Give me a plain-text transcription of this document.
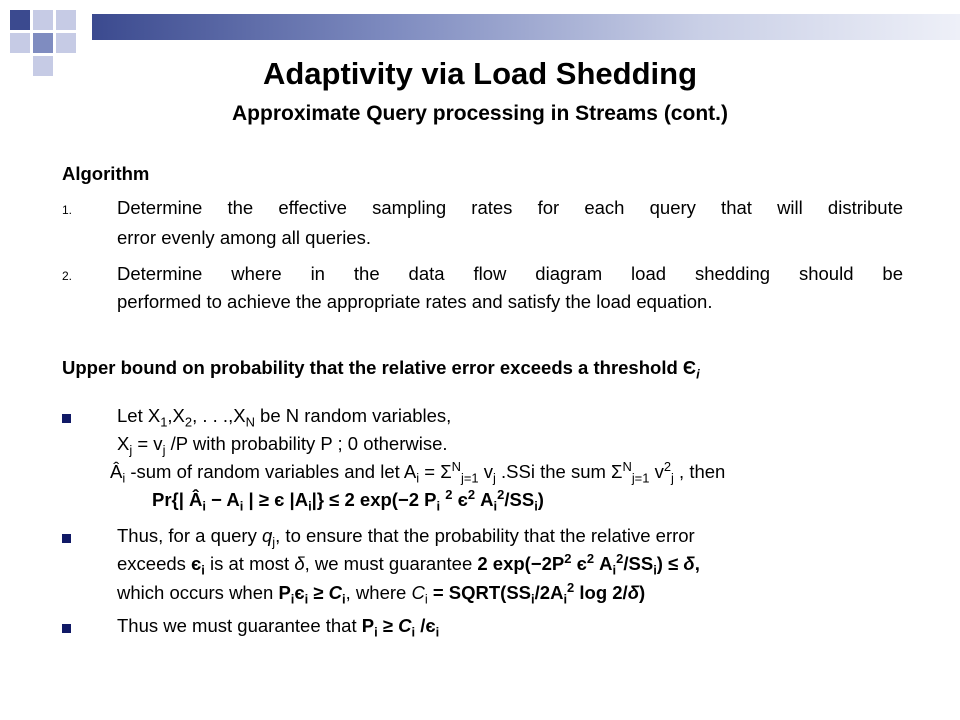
Adaptivity via Load Shedding
Approximate Query processing in Streams (cont.)
Algorithm
1. Determine the effective sampling rates for each query that will distribute
error evenly among all queries.
2. Determine where in the data flow diagram load shedding should be
performed to achieve the appropriate rates and satisfy the load equation.
Upper bound on probability that the relative error exceeds a threshold $Є_i$
Let $X_1,X_2$, . . $.,X_N$ be N random variables,
$X_j = v_j$ /P with probability P ; 0 otherwise.
$Â_i$ -sum of random variables and let $A_i = \Sigma^N_{j=1}$ $v_j$ .SSi the sum $\Sigma^N_{j=1}$ $v^2_j$ , then
Pr{| $Â_i - A_i$ | ≥ є $|A_i|\} \le 2$ exp(−2 $P_i$ $^2$ $є^2$ $A_i^2/SS_i$)
Thus, for a query $q_j$, to ensure that the probability that the relative error
exceeds $є_i$ is at most δ, we must guarantee 2 $\exp(-2P^2$ $є^2$ $A_i^2/SS_i) \le \delta$,
which occurs when $P_iє_i \ge C_i$, where $C_i$ = $SQRT(SS_i/2A_i^2$ log 2/δ)
Thus we must guarantee that $P_i \ge C_i$ $/є_i$
